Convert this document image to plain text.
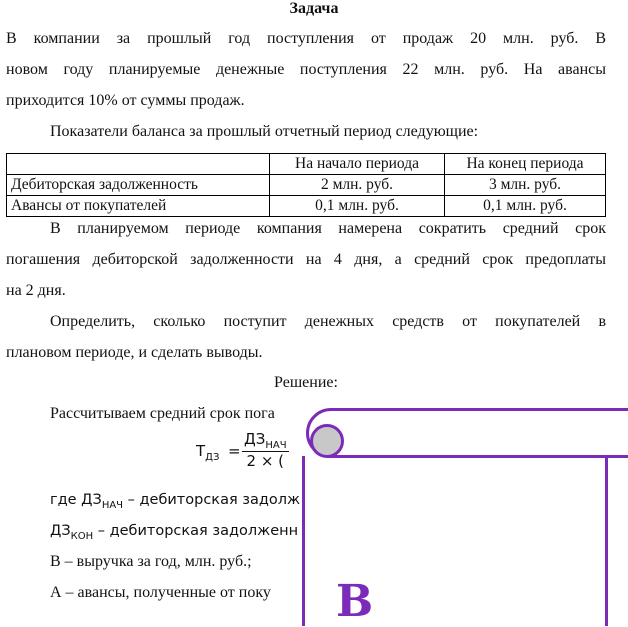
Задача
В компании за прошлый год поступления от продаж 20 млн. руб. В
новом году планируемые денежные поступления 22 млн. руб. На авансы
приходится 10% от суммы продаж.
Показатели баланса за прошлый отчетный период следующие:
	На начало периода	На конец периода
Дебиторская задолженность	2 млн. руб.	3 млн. руб.
Авансы от покупателей	0,1 млн. руб.	0,1 млн. руб.
В планируемом периоде компания намерена сократить средний срок
погашения дебиторской задолженности на 4 дня, а средний срок предоплаты
на 2 дня.
Определить, сколько поступит денежных средств от покупателей в
плановом периоде, и сделать выводы.
Решение:
Рассчитываем средний срок пога
$Т_{ДЗ}$ =
$ДЗ_{НАЧ}$
2 × (
где $ДЗ_{НАЧ}$ – дебиторская задолж
$ДЗ_{КОН}$ – дебиторская задолженн
В – выручка за год, млн. руб.;
А – авансы, полученные от поку В
